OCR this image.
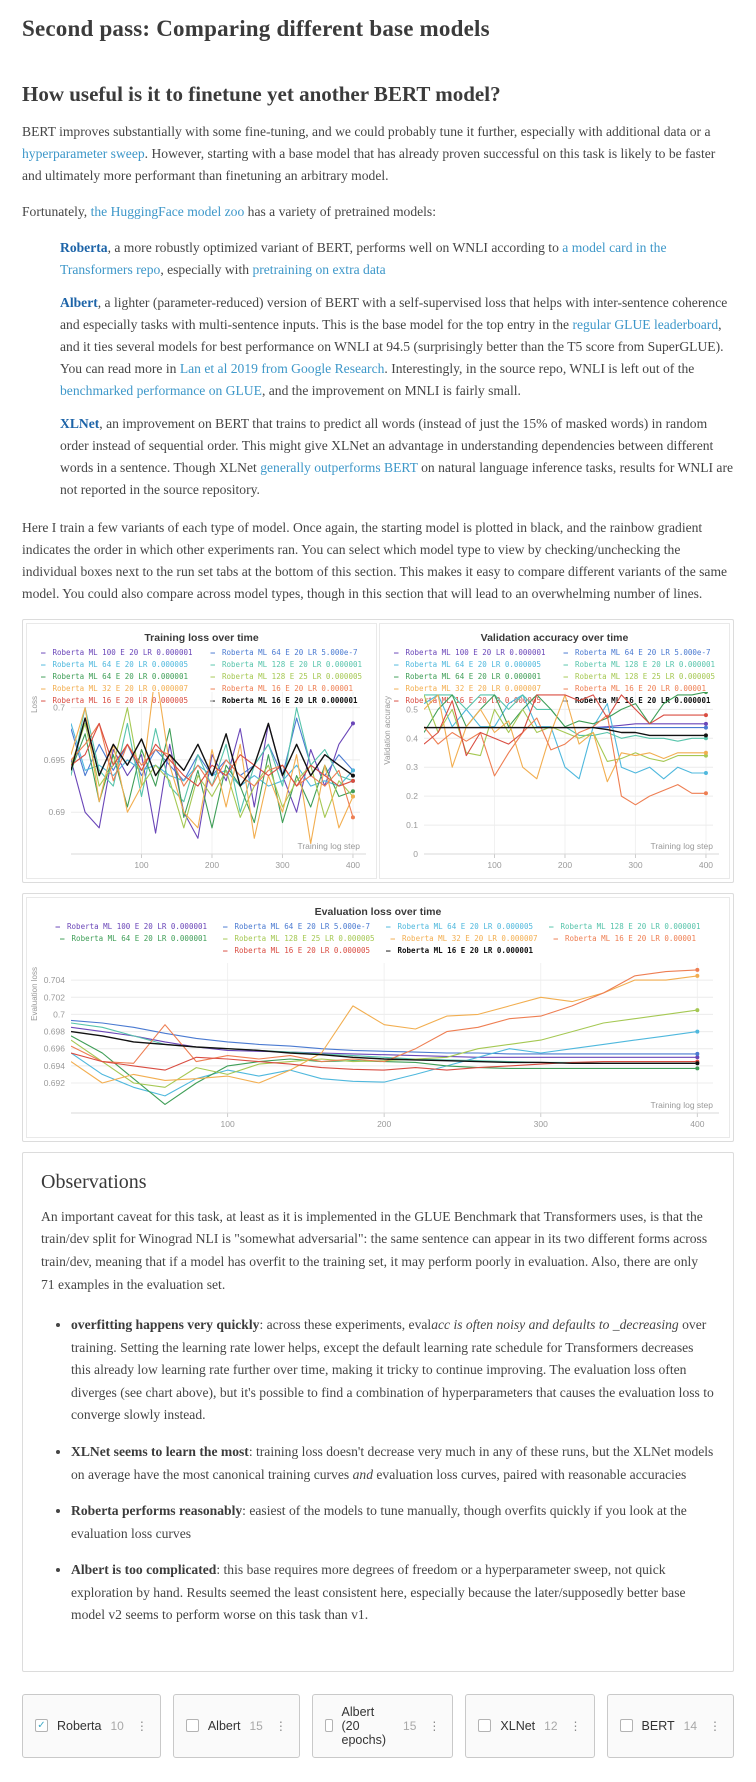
Second pass: Comparing different base models
How useful is it to finetune yet another BERT model?

BERT improves substantially with some fine-tuning, and we could probably tune it further, especially with additional data or a hyperparameter sweep. However, starting with a base model that has already proven successful on this task is likely to be faster and ultimately more performant than finetuning an arbitrary model.

Fortunately, the HuggingFace model zoo has a variety of pretrained models:

Roberta, a more robustly optimized variant of BERT, performs well on WNLI according to a model card in the Transformers repo, especially with pretraining on extra data

Albert, a lighter (parameter-reduced) version of BERT with a self-supervised loss that helps with inter-sentence coherence and especially tasks with multi-sentence inputs. This is the base model for the top entry in the regular GLUE leaderboard, and it ties several models for best performance on WNLI at 94.5 (surprisingly better than the T5 score from SuperGLUE). You can read more in Lan et al 2019 from Google Research. Interestingly, in the source repo, WNLI is left out of the benchmarked performance on GLUE, and the improvement on MNLI is fairly small.

XLNet, an improvement on BERT that trains to predict all words (instead of just the 15% of masked words) in random order instead of sequential order. This might give XLNet an advantage in understanding dependencies between different words in a sentence. Though XLNet generally outperforms BERT on natural language inference tasks, results for WNLI are not reported in the source repository.

Here I train a few variants of each type of model. Once again, the starting model is plotted in black, and the rainbow gradient indicates the order in which other experiments ran. You can select which model type to view by checking/unchecking the individual boxes next to the run set tabs at the bottom of this section. This makes it easy to compare different variants of the same model. You could also compare across model types, though in this section that will lead to an overwhelming number of lines.

Training loss over time
— Roberta ML 100 E 20 LR 0.000001 — Roberta ML 64 E 20 LR 5.000e-7
— Roberta ML 64 E 20 LR 0.000005	— Roberta ML 128 E 20 LR 0.000001
— Roberta ML 64 E 20 LR 0.000001	— Roberta ML 128 E 25 LR 0.000005
— Roberta ML 32 E 20 LR 0.000007	— Roberta ML 16 E 20 LR 0.00001
— Roberta ML 16 E 20 LR 0.000005	— Roberta ML 16 E 20 LR 0.000001
100	200	300	400
0.69
0.695
0.7
Training log step
Loss
Validation accuracy over time
— Roberta ML 100 E 20 LR 0.000001 — Roberta ML 64 E 20 LR 5.000e-7
— Roberta ML 64 E 20 LR 0.000005	— Roberta ML 128 E 20 LR 0.000001
— Roberta ML 64 E 20 LR 0.000001	— Roberta ML 128 E 25 LR 0.000005
— Roberta ML 32 E 20 LR 0.000007	— Roberta ML 16 E 20 LR 0.00001
— Roberta ML 16 E 20 LR 0.000005	— Roberta ML 16 E 20 LR 0.000001
100	200	300	400
0
0.1
0.2
0.3
0.4
0.5
Training log step
Validation accuracy
Evaluation loss over time
— Roberta ML 100 E 20 LR 0.000001 — Roberta ML 64 E 20 LR 5.000e-7 — Roberta ML 64 E 20 LR 0.000005 — Roberta ML 128 E 20 LR 0.000001
— Roberta ML 64 E 20 LR 0.000001 — Roberta ML 128 E 25 LR 0.000005 — Roberta ML 32 E 20 LR 0.000007 — Roberta ML 16 E 20 LR 0.00001
— Roberta ML 16 E 20 LR 0.000005 — Roberta ML 16 E 20 LR 0.000001
100	200	300	400
0.692
0.694
0.696
0.698
0.7
0.702
0.704
Training log step
Evaluation loss
Observations

An important caveat for this task, at least as it is implemented in the GLUE Benchmark that Transformers uses, is that the train/dev split for Winograd NLI is "somewhat adversarial": the same sentence can appear in its two different forms across train/dev, meaning that if a model has overfit to the training set, it may perform poorly in evaluation. Also, there are only 71 examples in the evaluation set.

• overfitting happens very quickly: across these experiments, evalacc is often noisy and defaults to _decreasing over training. Setting the learning rate lower helps, except the default learning rate schedule for Transformers decreases this already low learning rate further over time, making it tricky to continue improving. The evaluation loss often diverges (see chart above), but it's possible to find a combination of hyperparameters that causes the evaluation loss to converge slowly instead.
• XLNet seems to learn the most: training loss doesn't decrease very much in any of these runs, but the XLNet models on average have the most canonical training curves and evaluation loss curves, paired with reasonable accuracies
• Roberta performs reasonably: easiest of the models to tune manually, though overfits quickly if you look at the evaluation loss curves
• Albert is too complicated: this base requires more degrees of freedom or a hyperparameter sweep, not quick exploration by hand. Results seemed the least consistent here, especially because the later/supposedly better base model v2 seems to perform worse on this task than v1.
✓ Roberta 10 ⋮	Albert 15 ⋮
Albert (20 epochs)
15 ⋮	XLNet 12 ⋮	BERT 14 ⋮
